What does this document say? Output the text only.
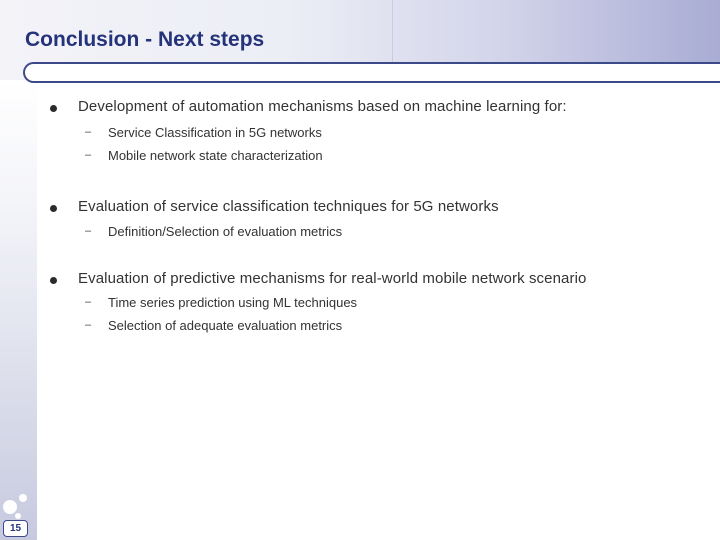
Conclusion - Next steps
15
Development of automation mechanisms based on machine learning for:
– Service Classification in 5G networks
– Mobile network state characterization
Evaluation of service classification techniques for 5G networks
– Definition/Selection of evaluation metrics
Evaluation of predictive mechanisms for real-world mobile network scenario
– Time series prediction using ML techniques
– Selection of adequate evaluation metrics
